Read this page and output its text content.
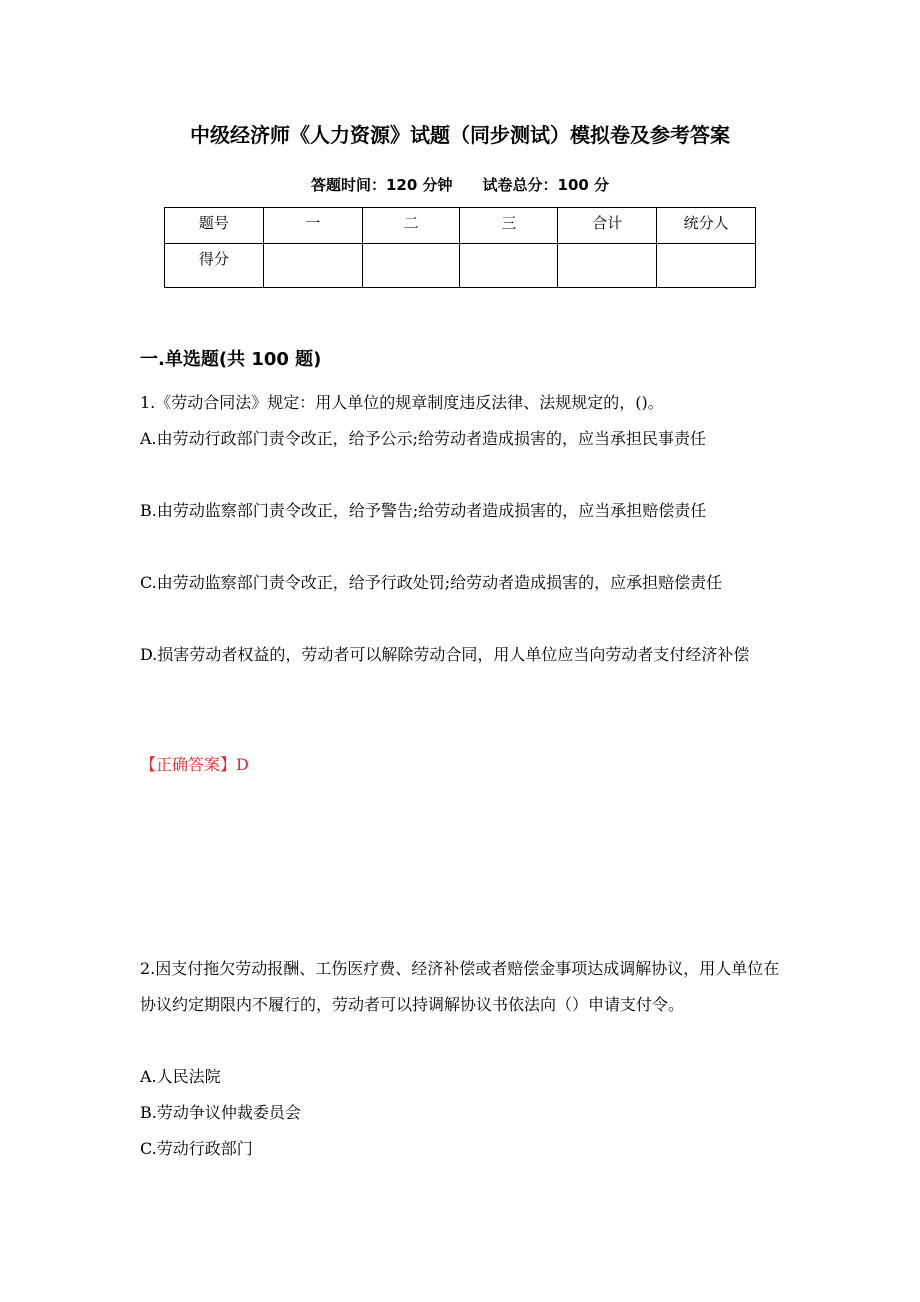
中级经济师《人力资源》试题（同步测试）模拟卷及参考答案
答题时间：120 分钟 试卷总分：100 分
题号	一	二	三	合计	统分人
得分					
一.单选题(共 100 题)
1.《劳动合同法》规定：用人单位的规章制度违反法律、法规规定的，()。
A.由劳动行政部门责令改正，给予公示;给劳动者造成损害的，应当承担民事责任
B.由劳动监察部门责令改正，给予警告;给劳动者造成损害的，应当承担赔偿责任
C.由劳动监察部门责令改正，给予行政处罚;给劳动者造成损害的，应承担赔偿责任
D.损害劳动者权益的，劳动者可以解除劳动合同，用人单位应当向劳动者支付经济补偿
【正确答案】D
2.因支付拖欠劳动报酬、工伤医疗费、经济补偿或者赔偿金事项达成调解协议，用人单位在协议约定期限内不履行的，劳动者可以持调解协议书依法向（）申请支付令。
A.人民法院
B.劳动争议仲裁委员会
C.劳动行政部门
